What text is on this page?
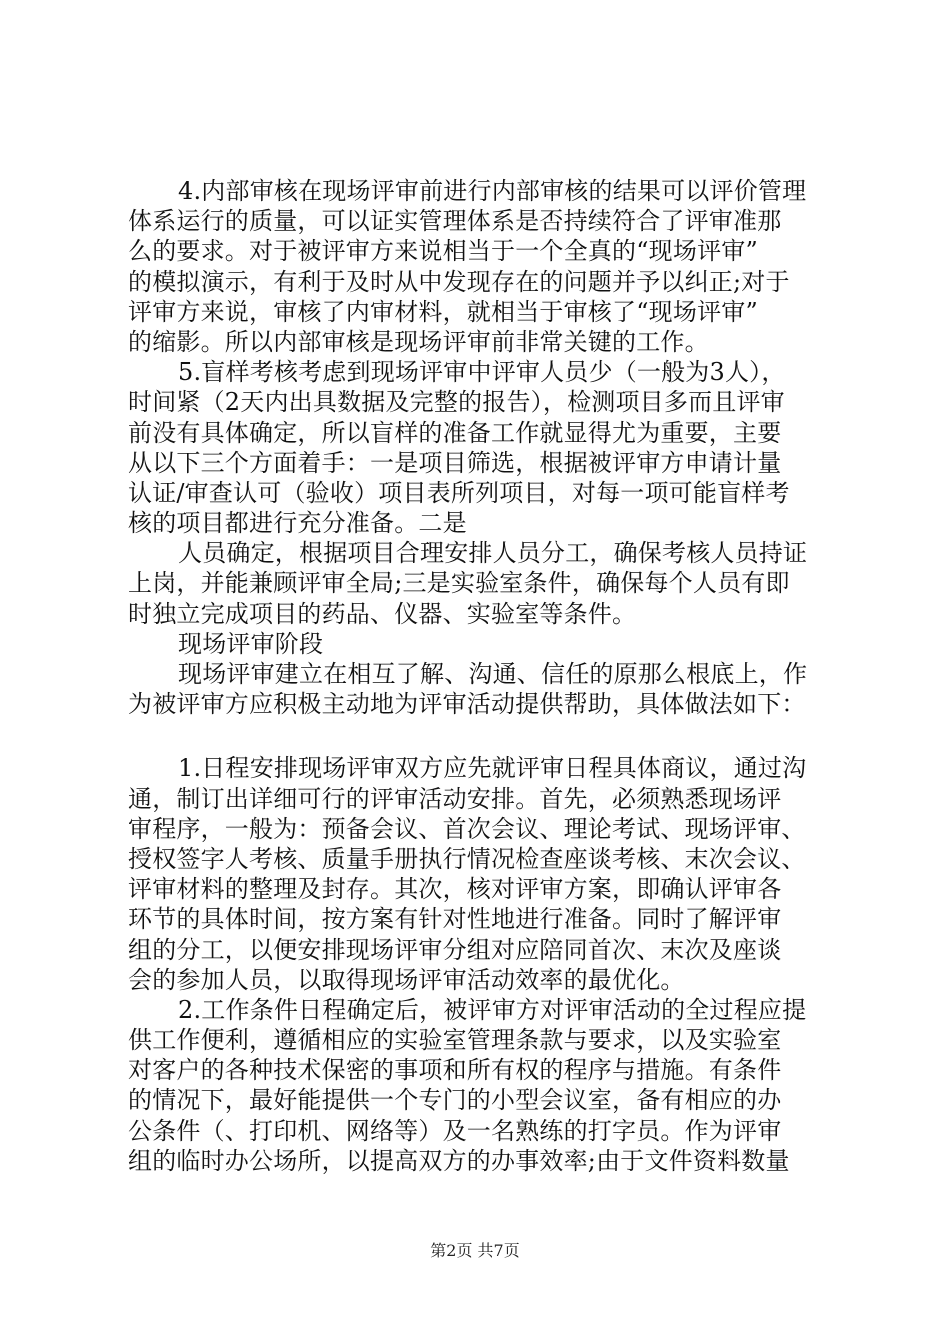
4.内部审核在现场评审前进行内部审核的结果可以评价管理
体系运行的质量，可以证实管理体系是否持续符合了评审准那
么的要求。对于被评审方来说相当于一个全真的“现场评审”
的模拟演示，有利于及时从中发现存在的问题并予以纠正;对于
评审方来说，审核了内审材料，就相当于审核了“现场评审”
的缩影。所以内部审核是现场评审前非常关键的工作。
5.盲样考核考虑到现场评审中评审人员少（一般为3人），
时间紧（2天内出具数据及完整的报告），检测项目多而且评审
前没有具体确定，所以盲样的准备工作就显得尤为重要，主要
从以下三个方面着手：一是项目筛选，根据被评审方申请计量
认证/审查认可（验收）项目表所列项目，对每一项可能盲样考
核的项目都进行充分准备。二是
人员确定，根据项目合理安排人员分工，确保考核人员持证
上岗，并能兼顾评审全局;三是实验室条件，确保每个人员有即
时独立完成项目的药品、仪器、实验室等条件。
现场评审阶段
现场评审建立在相互了解、沟通、信任的原那么根底上，作
为被评审方应积极主动地为评审活动提供帮助，具体做法如下：
1.日程安排现场评审双方应先就评审日程具体商议，通过沟
通，制订出详细可行的评审活动安排。首先，必须熟悉现场评
审程序，一般为：预备会议、首次会议、理论考试、现场评审、
授权签字人考核、质量手册执行情况检查座谈考核、末次会议、
评审材料的整理及封存。其次，核对评审方案，即确认评审各
环节的具体时间，按方案有针对性地进行准备。同时了解评审
组的分工，以便安排现场评审分组对应陪同首次、末次及座谈
会的参加人员，以取得现场评审活动效率的最优化。
2.工作条件日程确定后，被评审方对评审活动的全过程应提
供工作便利，遵循相应的实验室管理条款与要求，以及实验室
对客户的各种技术保密的事项和所有权的程序与措施。有条件
的情况下，最好能提供一个专门的小型会议室，备有相应的办
公条件（、打印机、网络等）及一名熟练的打字员。作为评审
组的临时办公场所，以提高双方的办事效率;由于文件资料数量
第2页 共7页
